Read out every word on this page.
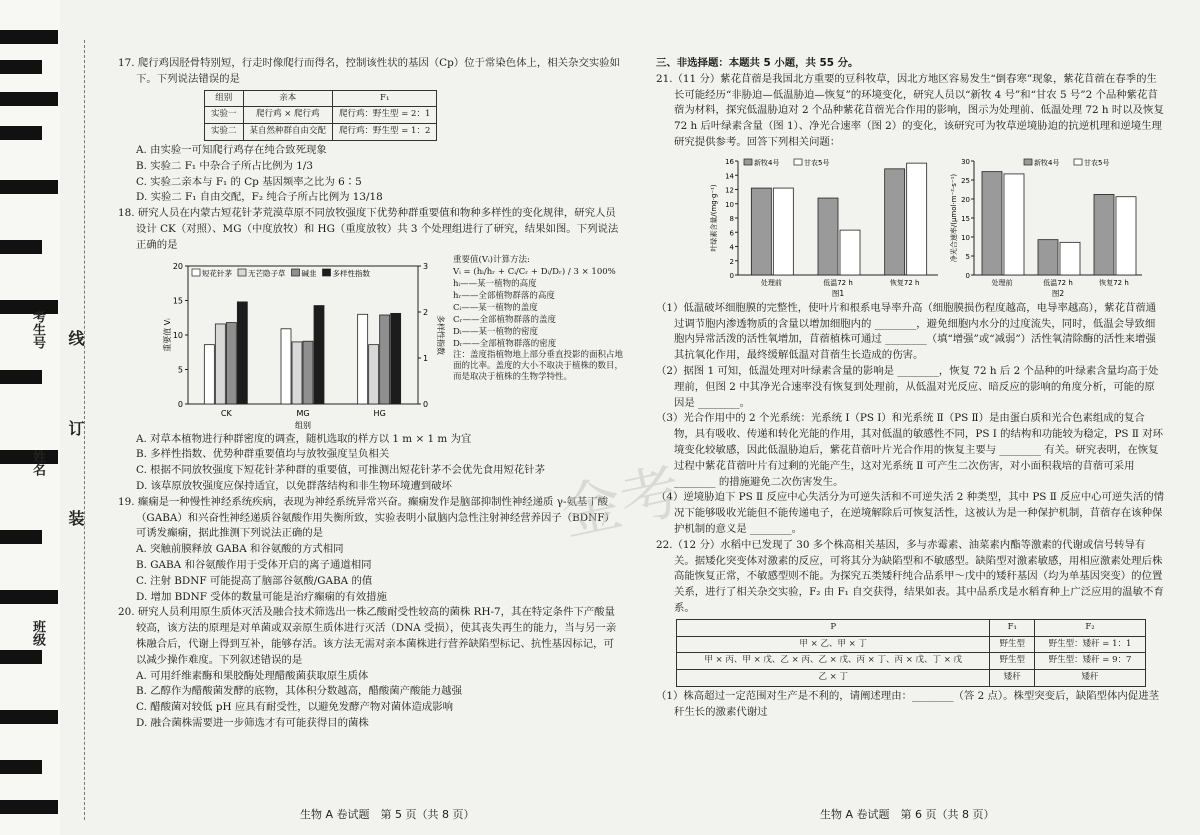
班级
姓名
考生号
装
订
线

17. 爬行鸡因胫骨特别短，行走时像爬行而得名，控制该性状的基因（Cp）位于常染色体上，相关杂交实验如下。下列说法错误的是

组别	亲本	F₁
实验一	爬行鸡 × 爬行鸡	爬行鸡：野生型 = 2：1
实验二	某自然种群自由交配	爬行鸡：野生型 = 1：2

A. 由实验一可知爬行鸡存在纯合致死现象

B. 实验二 F₁ 中杂合子所占比例为 1/3

C. 实验二亲本与 F₁ 的 Cp 基因频率之比为 6∶5

D. 实验二 F₁ 自由交配，F₂ 纯合子所占比例为 13/18

18. 研究人员在内蒙古短花针茅荒漠草原不同放牧强度下优势种群重要值和物种多样性的变化规律，研究人员设计 CK（对照）、MG（中度放牧）和 HG（重度放牧）共 3 个处理组进行了研究，结果如图。下列说法正确的是

0
5
10
15
20
0
1
2
3
重要值 Vᵢ	多样性指数
组别
CK	MG	HG
短花针茅 无芒隐子草 碱韭 多样性指数
重要值(Vᵢ)计算方法:
Vᵢ = (hᵢ/hᵣ + Cᵢ/Cᵣ + Dᵢ/Dᵣ) / 3 × 100%
hᵢ——某一植物的高度
hᵣ——全部植物群落的高度
Cᵢ——某一植物的盖度
Cᵣ——全部植物群落的盖度
Dᵢ——某一植物的密度
Dᵣ——全部植物群落的密度
注：盖度指植物地上部分垂直投影的面积占地面的比率。盖度的大小不取决于植株的数目，而是取决于植株的生物学特性。

A. 对草本植物进行种群密度的调查，随机选取的样方以 1 m × 1 m 为宜

B. 多样性指数、优势种群重要值均与放牧强度呈负相关

C. 根据不同放牧强度下短花针茅种群的重要值，可推测出短花针茅不会优先食用短花针茅

D. 该草原放牧强度应保持适宜，以免群落结构和非生物环境遭到破坏

19. 癫痫是一种慢性神经系统疾病，表现为神经系统异常兴奋。癫痫发作是脑部抑制性神经递质 γ-氨基丁酸（GABA）和兴奋性神经递质谷氨酸作用失衡所致，实验表明小鼠脑内急性注射神经营养因子（BDNF）可诱发癫痫，据此推测下列说法正确的是

A. 突触前膜释放 GABA 和谷氨酸的方式相同

B. GABA 和谷氨酸作用于受体开启的离子通道相同

C. 注射 BDNF 可能提高了脑部谷氨酸/GABA 的值

D. 增加 BDNF 受体的数量可能是治疗癫痫的有效措施

20. 研究人员利用原生质体灭活及融合技术筛选出一株乙酸耐受性较高的菌株 RH-7，其在特定条件下产酸量较高，该方法的原理是对单菌或双亲原生质体进行灭活（DNA 受损），使其丧失再生的能力，当与另一亲株融合后，代谢上得到互补，能够存活。该方法无需对亲本菌株进行营养缺陷型标记、抗性基因标记，可以减少操作难度。下列叙述错误的是

A. 可用纤维素酶和果胶酶处理醋酸菌获取原生质体

B. 乙醇作为醋酸菌发酵的底物，其体积分数越高，醋酸菌产酸能力越强

C. 醋酸菌对较低 pH 应具有耐受性，以避免发酵产物对菌体造成影响

D. 融合菌株需要进一步筛选才有可能获得目的菌株

生物 A 卷试题　第 5 页（共 8 页）

三、非选择题：本题共 5 小题，共 55 分。

21.（11 分）紫花苜蓿是我国北方重要的豆科牧草，因北方地区容易发生“倒春寒”现象，紫花苜蓿在春季的生长可能经历“非胁迫—低温胁迫—恢复”的环境变化，研究人员以“新牧 4 号”和“甘农 5 号”2 个品种紫花苜蓿为材料，探究低温胁迫对 2 个品种紫花苜蓿光合作用的影响，图示为处理前、低温处理 72 h 时以及恢复 72 h 后叶绿素含量（图 1）、净光合速率（图 2）的变化，该研究可为牧草逆境胁迫的抗逆机理和逆境生理研究提供参考。回答下列相关问题：

0
2
4
6
8
10
12
14
16
叶绿素含量/(mg·g⁻¹)
处理前	低温72 h	恢复72 h
新牧4号	甘农5号
图1
0
5
10
15
20
25
30
净光合速率/(μmol·m⁻²·s⁻¹)
处理前	低温72 h	恢复72 h
新牧4号	甘农5号
图2

（1）低温破坏细胞膜的完整性，使叶片和根系电导率升高（细胞膜损伤程度越高，电导率越高），紫花苜蓿通过调节胞内渗透物质的含量以增加细胞内的 ________，避免细胞内水分的过度流失，同时，低温会导致细胞内异常活泼的活性氧增加，苜蓿植株可通过 ________（填“增强”或“减弱”）活性氧清除酶的活性来增强其抗氧化作用，最终缓解低温对苜蓿生长造成的伤害。

（2）据图 1 可知，低温处理对叶绿素含量的影响是 ________，恢复 72 h 后 2 个品种的叶绿素含量均高于处理前，但图 2 中其净光合速率没有恢复到处理前，从低温对光反应、暗反应的影响的角度分析，可能的原因是 ________。

（3）光合作用中的 2 个光系统：光系统 Ⅰ（PS Ⅰ）和光系统 Ⅱ（PS Ⅱ）是由蛋白质和光合色素组成的复合物，具有吸收、传递和转化光能的作用，其对低温的敏感性不同，PS Ⅰ 的结构和功能较为稳定，PS Ⅱ 对环境变化较敏感，因此低温胁迫后，紫花苜蓿叶片光合作用的恢复主要与 ________ 有关。研究表明，在恢复过程中紫花苜蓿叶片有过剩的光能产生，这对光系统 Ⅱ 可产生二次伤害，对小面积栽培的苜蓿可采用 ________ 的措施避免二次伤害发生。

（4）逆境胁迫下 PS Ⅱ 反应中心失活分为可逆失活和不可逆失活 2 种类型，其中 PS Ⅱ 反应中心可逆失活的情况下能够吸收光能但不能传递电子，在逆境解除后可恢复活性，这被认为是一种保护机制，苜蓿存在该种保护机制的意义是 ________。

22.（12 分）水稻中已发现了 30 多个株高相关基因，多与赤霉素、油菜素内酯等激素的代谢或信号转导有关。据矮化突变体对激素的反应，可将其分为缺陷型和不敏感型。缺陷型对激素敏感，用相应激素处理后株高能恢复正常，不敏感型则不能。为探究五类矮秆纯合品系甲～戊中的矮秆基因（均为单基因突变）的位置关系，进行了相关杂交实验，F₂ 由 F₁ 自交获得，结果如表。其中品系戊是水稻育种上广泛应用的温敏不育系。

P	F₁	F₂
甲 × 乙、甲 × 丁	野生型	野生型：矮秆 = 1：1
甲 × 丙、甲 × 戊、乙 × 丙、乙 × 戊、丙 × 丁、丙 × 戊、丁 × 戊	野生型	野生型：矮秆 = 9：7
乙 × 丁	矮秆	矮秆

（1）株高超过一定范围对生产是不利的，请阐述理由：________（答 2 点）。株型突变后，缺陷型体内促进茎秆生长的激素代谢过

生物 A 卷试题　第 6 页（共 8 页）
金考
